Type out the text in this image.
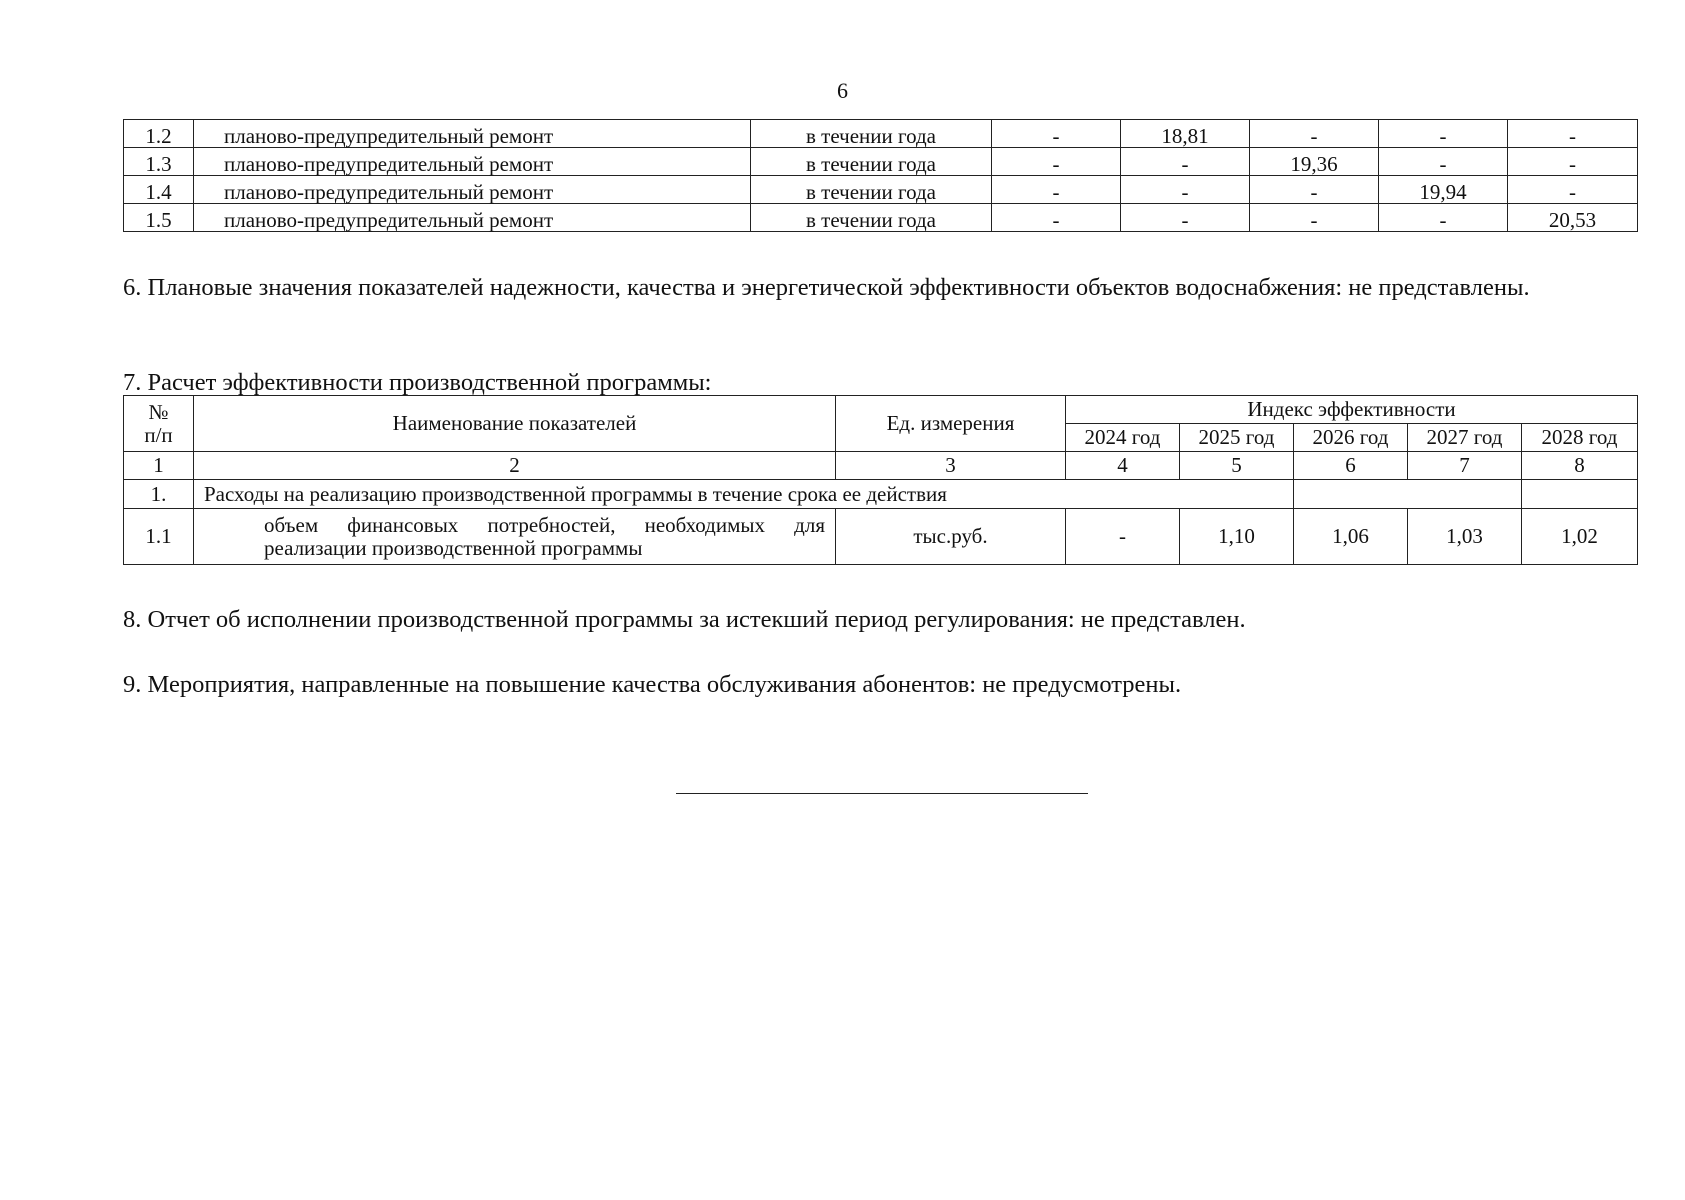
6
1.2	планово-предупредительный ремонт	в течении года	-	18,81	-	-	-
1.3	планово-предупредительный ремонт	в течении года	-	-	19,36	-	-
1.4	планово-предупредительный ремонт	в течении года	-	-	-	19,94	-
1.5	планово-предупредительный ремонт	в течении года	-	-	-	-	20,53
6. Плановые значения показателей надежности, качества и энергетической эффективности объектов водоснабжения: не представлены.
7. Расчет эффективности производственной программы:
№
п/п	Наименование показателей	Ед. измерения	Индекс эффективности				
			2024 год	2025 год	2026 год	2027 год	2028 год
1	2	3	4	5	6	7	8
1.	Расходы на реализацию производственной программы в течение срока ее действия						
1.1	объем финансовых потребностей, необходимых для реализации производственной программы	тыс.руб.	-	1,10	1,06	1,03	1,02
8. Отчет об исполнении производственной программы за истекший период регулирования: не представлен.
9. Мероприятия, направленные на повышение качества обслуживания абонентов: не предусмотрены.
